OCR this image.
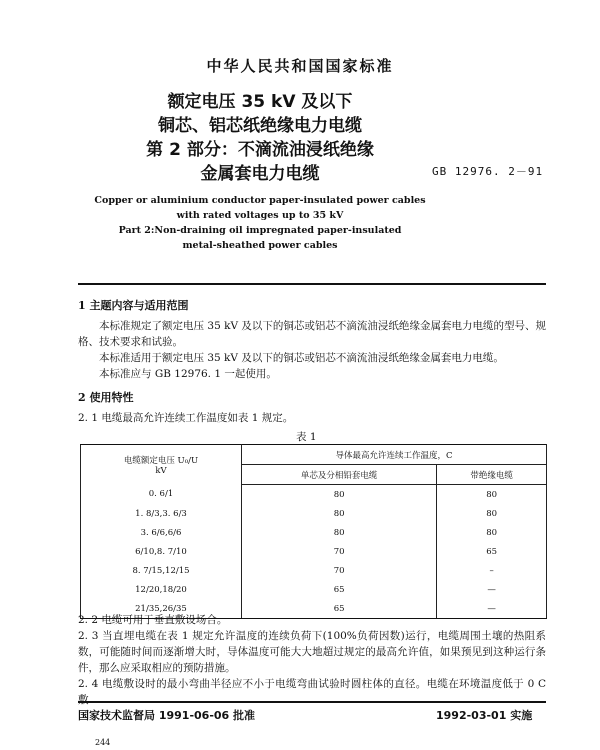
中华人民共和国国家标准
额定电压 35 kV 及以下
铜芯、铝芯纸绝缘电力电缆
第 2 部分：不滴流油浸纸绝缘
金属套电力电缆	GB 12976. 2－91
Copper or aluminium conductor paper-insulated power cables
with rated voltages up to 35 kV
Part 2:Non-draining oil impregnated paper-insulated
metal-sheathed power cables
1 主题内容与适用范围
本标准规定了额定电压 35 kV 及以下的铜芯或铝芯不滴流油浸纸绝缘金属套电力电缆的型号、规格、技术要求和试验。
本标准适用于额定电压 35 kV 及以下的铜芯或铝芯不滴流油浸纸绝缘金属套电力电缆。
本标准应与 GB 12976. 1 一起使用。
2 使用特性
2. 1 电缆最高允许连续工作温度如表 1 规定。
表 1
电缆额定电压 U₀/U
kV	导体最高允许连续工作温度，C	
	单芯及分相铅套电缆	带绝缘电缆
0. 6/1	80	80
1. 8/3,3. 6/3	80	80
3. 6/6,6/6	80	80
6/10,8. 7/10	70	65
8. 7/15,12/15	70	–
12/20,18/20	65	—
21/35,26/35	65	—
2. 2 电缆可用于垂直敷设场合。
2. 3 当直埋电缆在表 1 规定允许温度的连续负荷下(100%负荷因数)运行，电缆周围土壤的热阻系数，可能随时间而逐渐增大时，导体温度可能大大地超过规定的最高允许值，如果预见到这种运行条件，那么应采取相应的预防措施。
2. 4 电缆敷设时的最小弯曲半径应不小于电缆弯曲试验时圆柱体的直径。电缆在环境温度低于 0 C 敷
国家技术监督局 1991-06-06 批准	1992-03-01 实施
244
